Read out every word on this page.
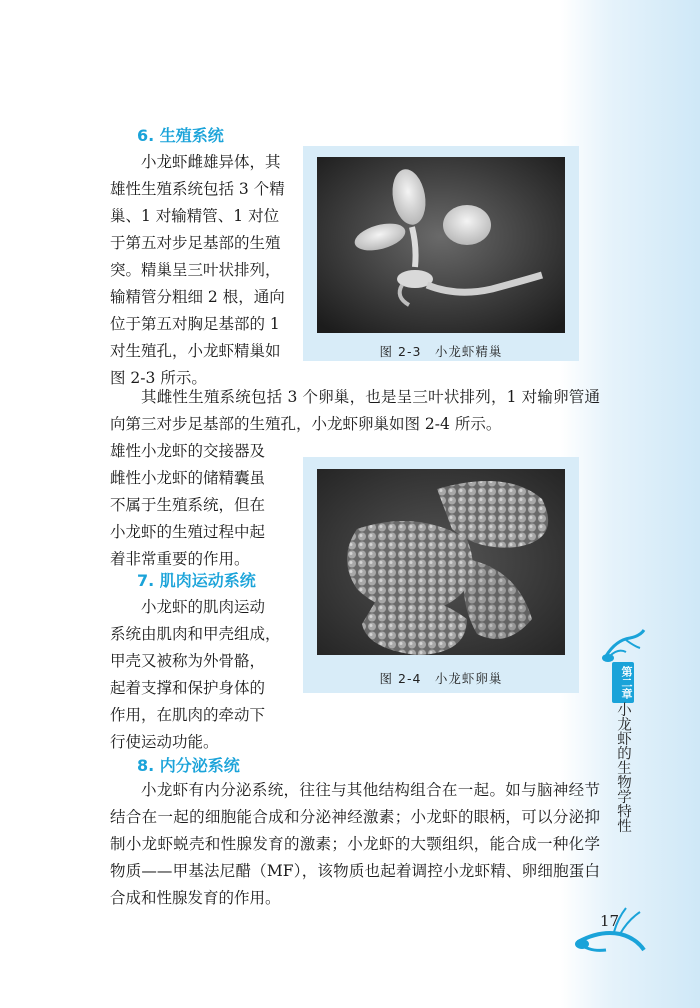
6. 生殖系统

小龙虾雌雄异体，其

雄性生殖系统包括 3 个精

巢、1 对输精管、1 对位

于第五对步足基部的生殖

突。精巢呈三叶状排列，

输精管分粗细 2 根，通向

位于第五对胸足基部的 1

对生殖孔，小龙虾精巢如

图 2-3 所示。

图 2-3　小龙虾精巢

其雌性生殖系统包括 3 个卵巢，也是呈三叶状排列，1 对输卵管通向第三对步足基部的生殖孔，小龙虾卵巢如图 2-4 所示。

雄性小龙虾的交接器及

雌性小龙虾的储精囊虽

不属于生殖系统，但在

小龙虾的生殖过程中起

着非常重要的作用。

图 2-4　小龙虾卵巢
7. 肌肉运动系统

小龙虾的肌肉运动

系统由肌肉和甲壳组成，

甲壳又被称为外骨骼，

起着支撑和保护身体的

作用，在肌肉的牵动下

行使运动功能。

8. 内分泌系统

小龙虾有内分泌系统，往往与其他结构组合在一起。如与脑神经节结合在一起的细胞能合成和分泌神经激素；小龙虾的眼柄，可以分泌抑制小龙虾蜕壳和性腺发育的激素；小龙虾的大颚组织，能合成一种化学物质——甲基法尼醋（MF），该物质也起着调控小龙虾精、卵细胞蛋白合成和性腺发育的作用。

第二章
小龙虾的生物学特性
17
